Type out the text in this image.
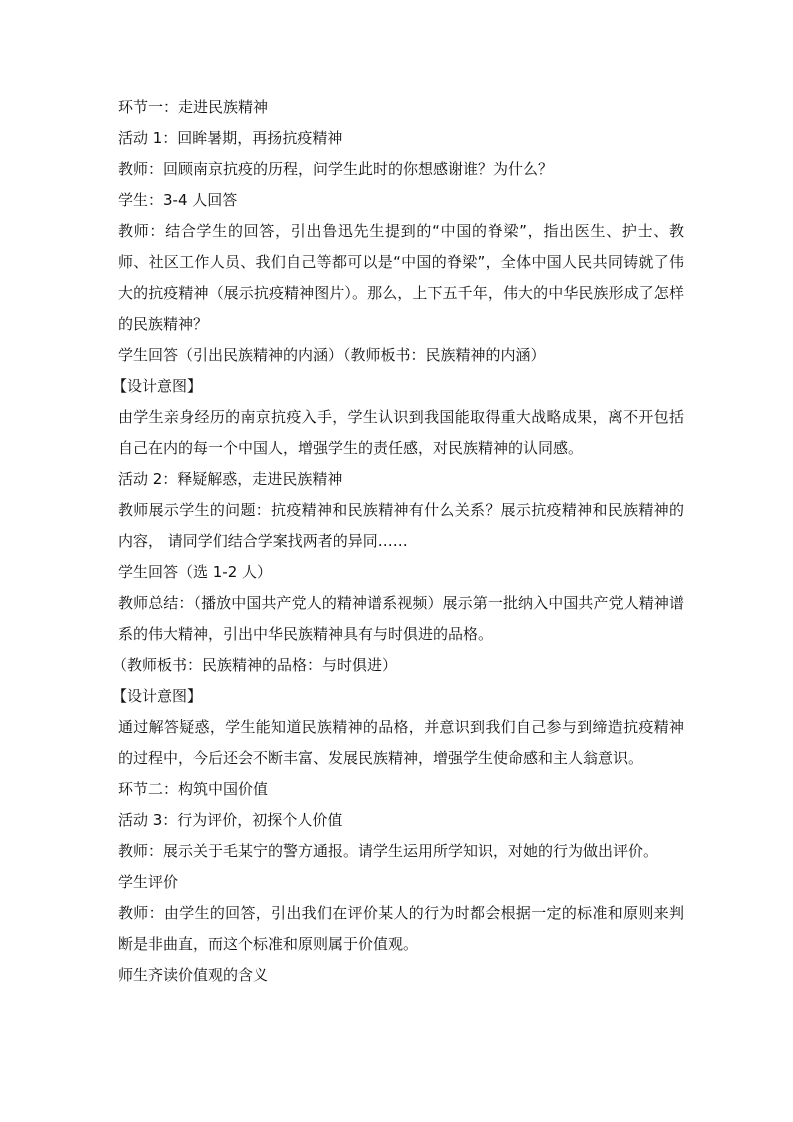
环节一：走进民族精神

活动 1：回眸暑期，再扬抗疫精神

教师：回顾南京抗疫的历程，问学生此时的你想感谢谁？为什么？

学生：3-4 人回答

教师：结合学生的回答，引出鲁迅先生提到的“中国的脊梁”，指出医生、护士、教师、社区工作人员、我们自己等都可以是“中国的脊梁”，全体中国人民共同铸就了伟大的抗疫精神（展示抗疫精神图片）。那么，上下五千年，伟大的中华民族形成了怎样的民族精神？

学生回答（引出民族精神的内涵）（教师板书：民族精神的内涵）

【设计意图】

由学生亲身经历的南京抗疫入手，学生认识到我国能取得重大战略成果，离不开包括自己在内的每一个中国人，增强学生的责任感，对民族精神的认同感。

活动 2：释疑解惑，走进民族精神

教师展示学生的问题：抗疫精神和民族精神有什么关系？展示抗疫精神和民族精神的内容， 请同学们结合学案找两者的异同……

学生回答（选 1-2 人）

教师总结：（播放中国共产党人的精神谱系视频）展示第一批纳入中国共产党人精神谱系的伟大精神，引出中华民族精神具有与时俱进的品格。

（教师板书：民族精神的品格：与时俱进）

【设计意图】

通过解答疑惑，学生能知道民族精神的品格，并意识到我们自己参与到缔造抗疫精神的过程中，今后还会不断丰富、发展民族精神，增强学生使命感和主人翁意识。

环节二：构筑中国价值

活动 3：行为评价，初探个人价值

教师：展示关于毛某宁的警方通报。请学生运用所学知识，对她的行为做出评价。

学生评价

教师：由学生的回答，引出我们在评价某人的行为时都会根据一定的标准和原则来判断是非曲直，而这个标准和原则属于价值观。

师生齐读价值观的含义
